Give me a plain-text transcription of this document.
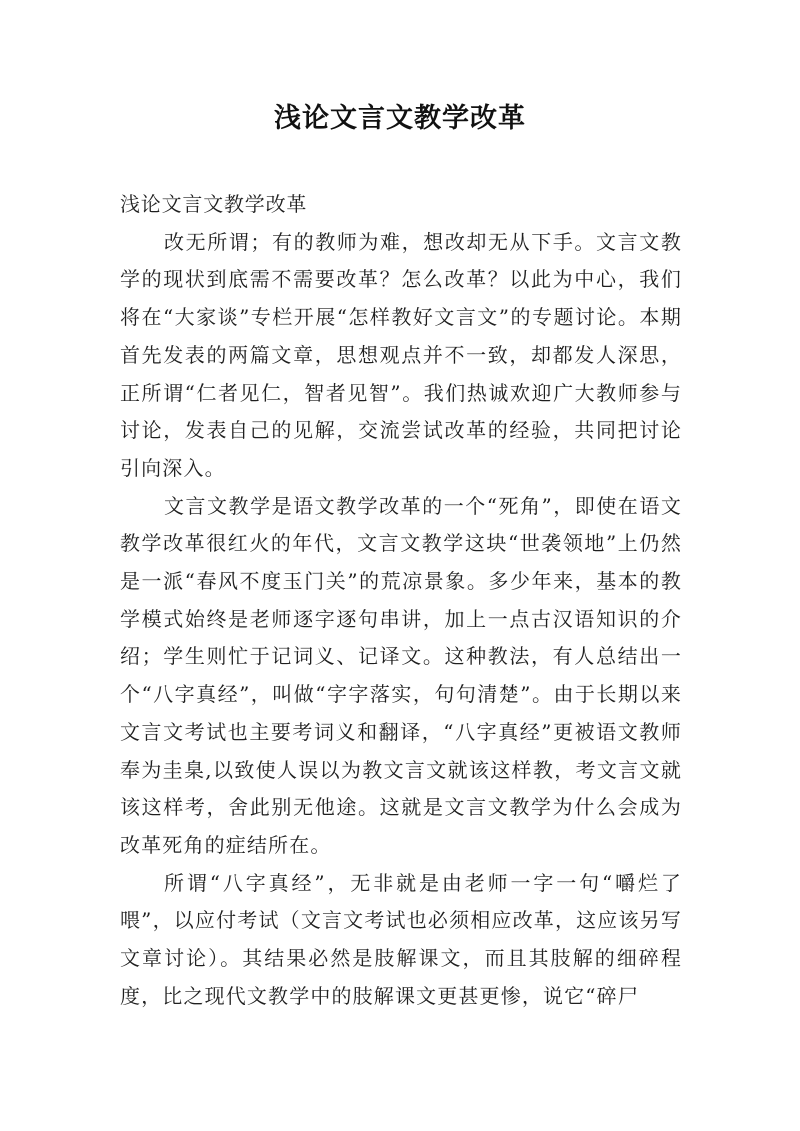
浅论文言文教学改革

浅论文言文教学改革

改无所谓；有的教师为难，想改却无从下手。文言文教学的现状到底需不需要改革？怎么改革？以此为中心，我们将在“大家谈”专栏开展“怎样教好文言文”的专题讨论。本期首先发表的两篇文章，思想观点并不一致，却都发人深思，正所谓“仁者见仁，智者见智”。我们热诚欢迎广大教师参与讨论，发表自己的见解，交流尝试改革的经验，共同把讨论引向深入。

文言文教学是语文教学改革的一个“死角”，即使在语文教学改革很红火的年代，文言文教学这块“世袭领地”上仍然是一派“春风不度玉门关”的荒凉景象。多少年来，基本的教学模式始终是老师逐字逐句串讲，加上一点古汉语知识的介绍；学生则忙于记词义、记译文。这种教法，有人总结出一个“八字真经”，叫做“字字落实，句句清楚”。由于长期以来文言文考试也主要考词义和翻译，“八字真经”更被语文教师奉为圭臬,以致使人误以为教文言文就该这样教，考文言文就该这样考，舍此别无他途。这就是文言文教学为什么会成为改革死角的症结所在。

所谓“八字真经”，无非就是由老师一字一句“嚼烂了喂”，以应付考试（文言文考试也必须相应改革，这应该另写文章讨论）。其结果必然是肢解课文，而且其肢解的细碎程度，比之现代文教学中的肢解课文更甚更惨，说它“碎尸
